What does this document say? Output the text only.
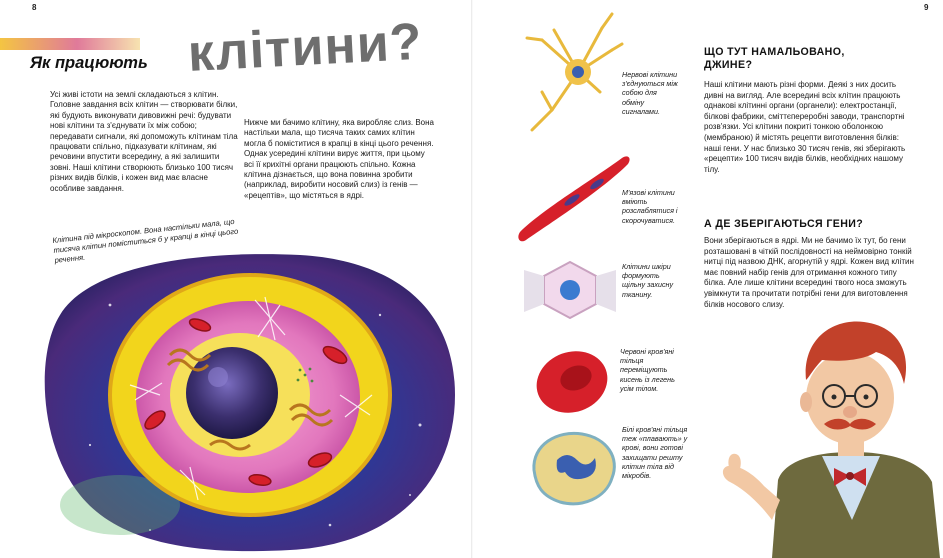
8
Як працюють клітини?
Усі живі істоти на землі складаються з клітин. Головне завдання всіх клітин — створювати білки, які будують виконувати дивовижні речі: будувати нові клітини та з'єднувати їх між собою; передавати сигнали, які допоможуть клітинам тіла працювати спільно, підказувати клітинам, які речовини впустити всередину, а які залишити зовні. Наші клітини створюють близько 100 тисяч різних видів білків, і кожен вид має власне особливе завдання.
Нижче ми бачимо клітину, яка виробляє слиз. Вона настільки мала, що тисяча таких самих клітин могла б поміститися в крапці в кінці цього речення. Однак усередині клітини вирує життя, при цьому всі її крихітні органи працюють спільно. Кожна клітина дізнається, що вона повинна зробити (наприклад, виробити носовий слиз) із генів — «рецептів», що містяться в ядрі.
Клітина під мікроскопом. Вона настільки мала, що тисяча клітин поміститься б у крапці в кінці цього речення.
9
Нервові клітини з'єднуються між собою для обміну сигналами.
М'язові клітини вміють розслаблятися і скорочуватися.
Клітини шкіри формують щільну захисну тканину.
Червоні кров'яні тільця переміщують кисень із легень усім тілом.
Білі кров'яні тільця теж «плавають» у крові, вони готові захищати решту клітин тіла від мікробів.
ЩО ТУТ НАМАЛЬОВАНО,
ДЖИНЕ?
Наші клітини мають різні форми. Деякі з них досить дивні на вигляд. Але всередині всіх клітин працюють однакові клітинні органи (органели): електростанції, білкові фабрики, сміттєпереробні заводи, транспортні розв'язки. Усі клітини покриті тонкою оболонкою (мембраною) й містять рецепти виготовлення білків: наші гени. У нас близько 30 тисяч генів, які зберігають «рецепти» 100 тисяч видів білків, необхідних нашому тілу.
А ДЕ ЗБЕРІГАЮТЬСЯ ГЕНИ?
Вони зберігаються в ядрі. Ми не бачимо їх тут, бо гени розташовані в чіткій послідовності на неймовірно тонкій нитці під назвою ДНК, агорнутій у ядрі. Кожен вид клітин має повний набір генів для отримання кожного типу білка. Але лише клітини всередині твого носа зможуть увімкнути та прочитати потрібні гени для виготовлення білків носового слизу.
